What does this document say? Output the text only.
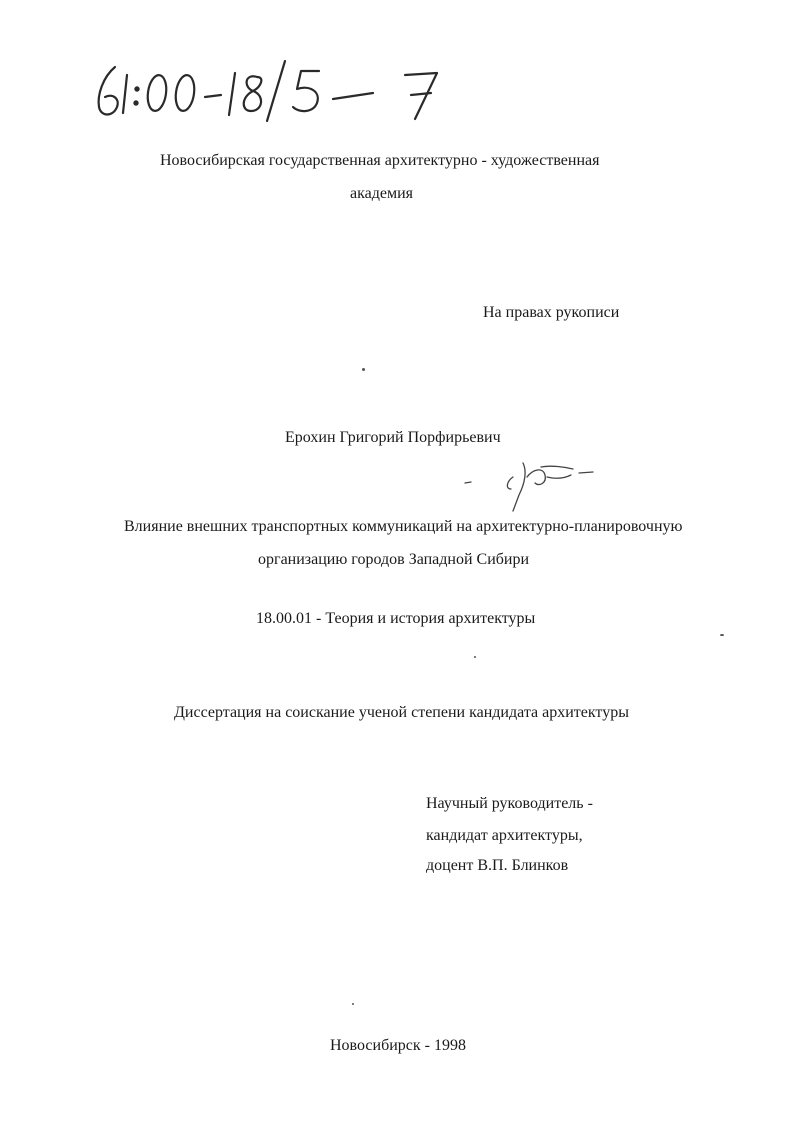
Новосибирская государственная архитектурно - художественная
академия
На правах рукописи
Ерохин Григорий Порфирьевич
Влияние внешних транспортных коммуникаций на архитектурно-планировочную
организацию городов Западной Сибири
18.00.01 - Теория и история архитектуры
Диссертация на соискание ученой степени кандидата архитектуры
Научный руководитель -
кандидат архитектуры,
доцент В.П. Блинков
Новосибирск - 1998
